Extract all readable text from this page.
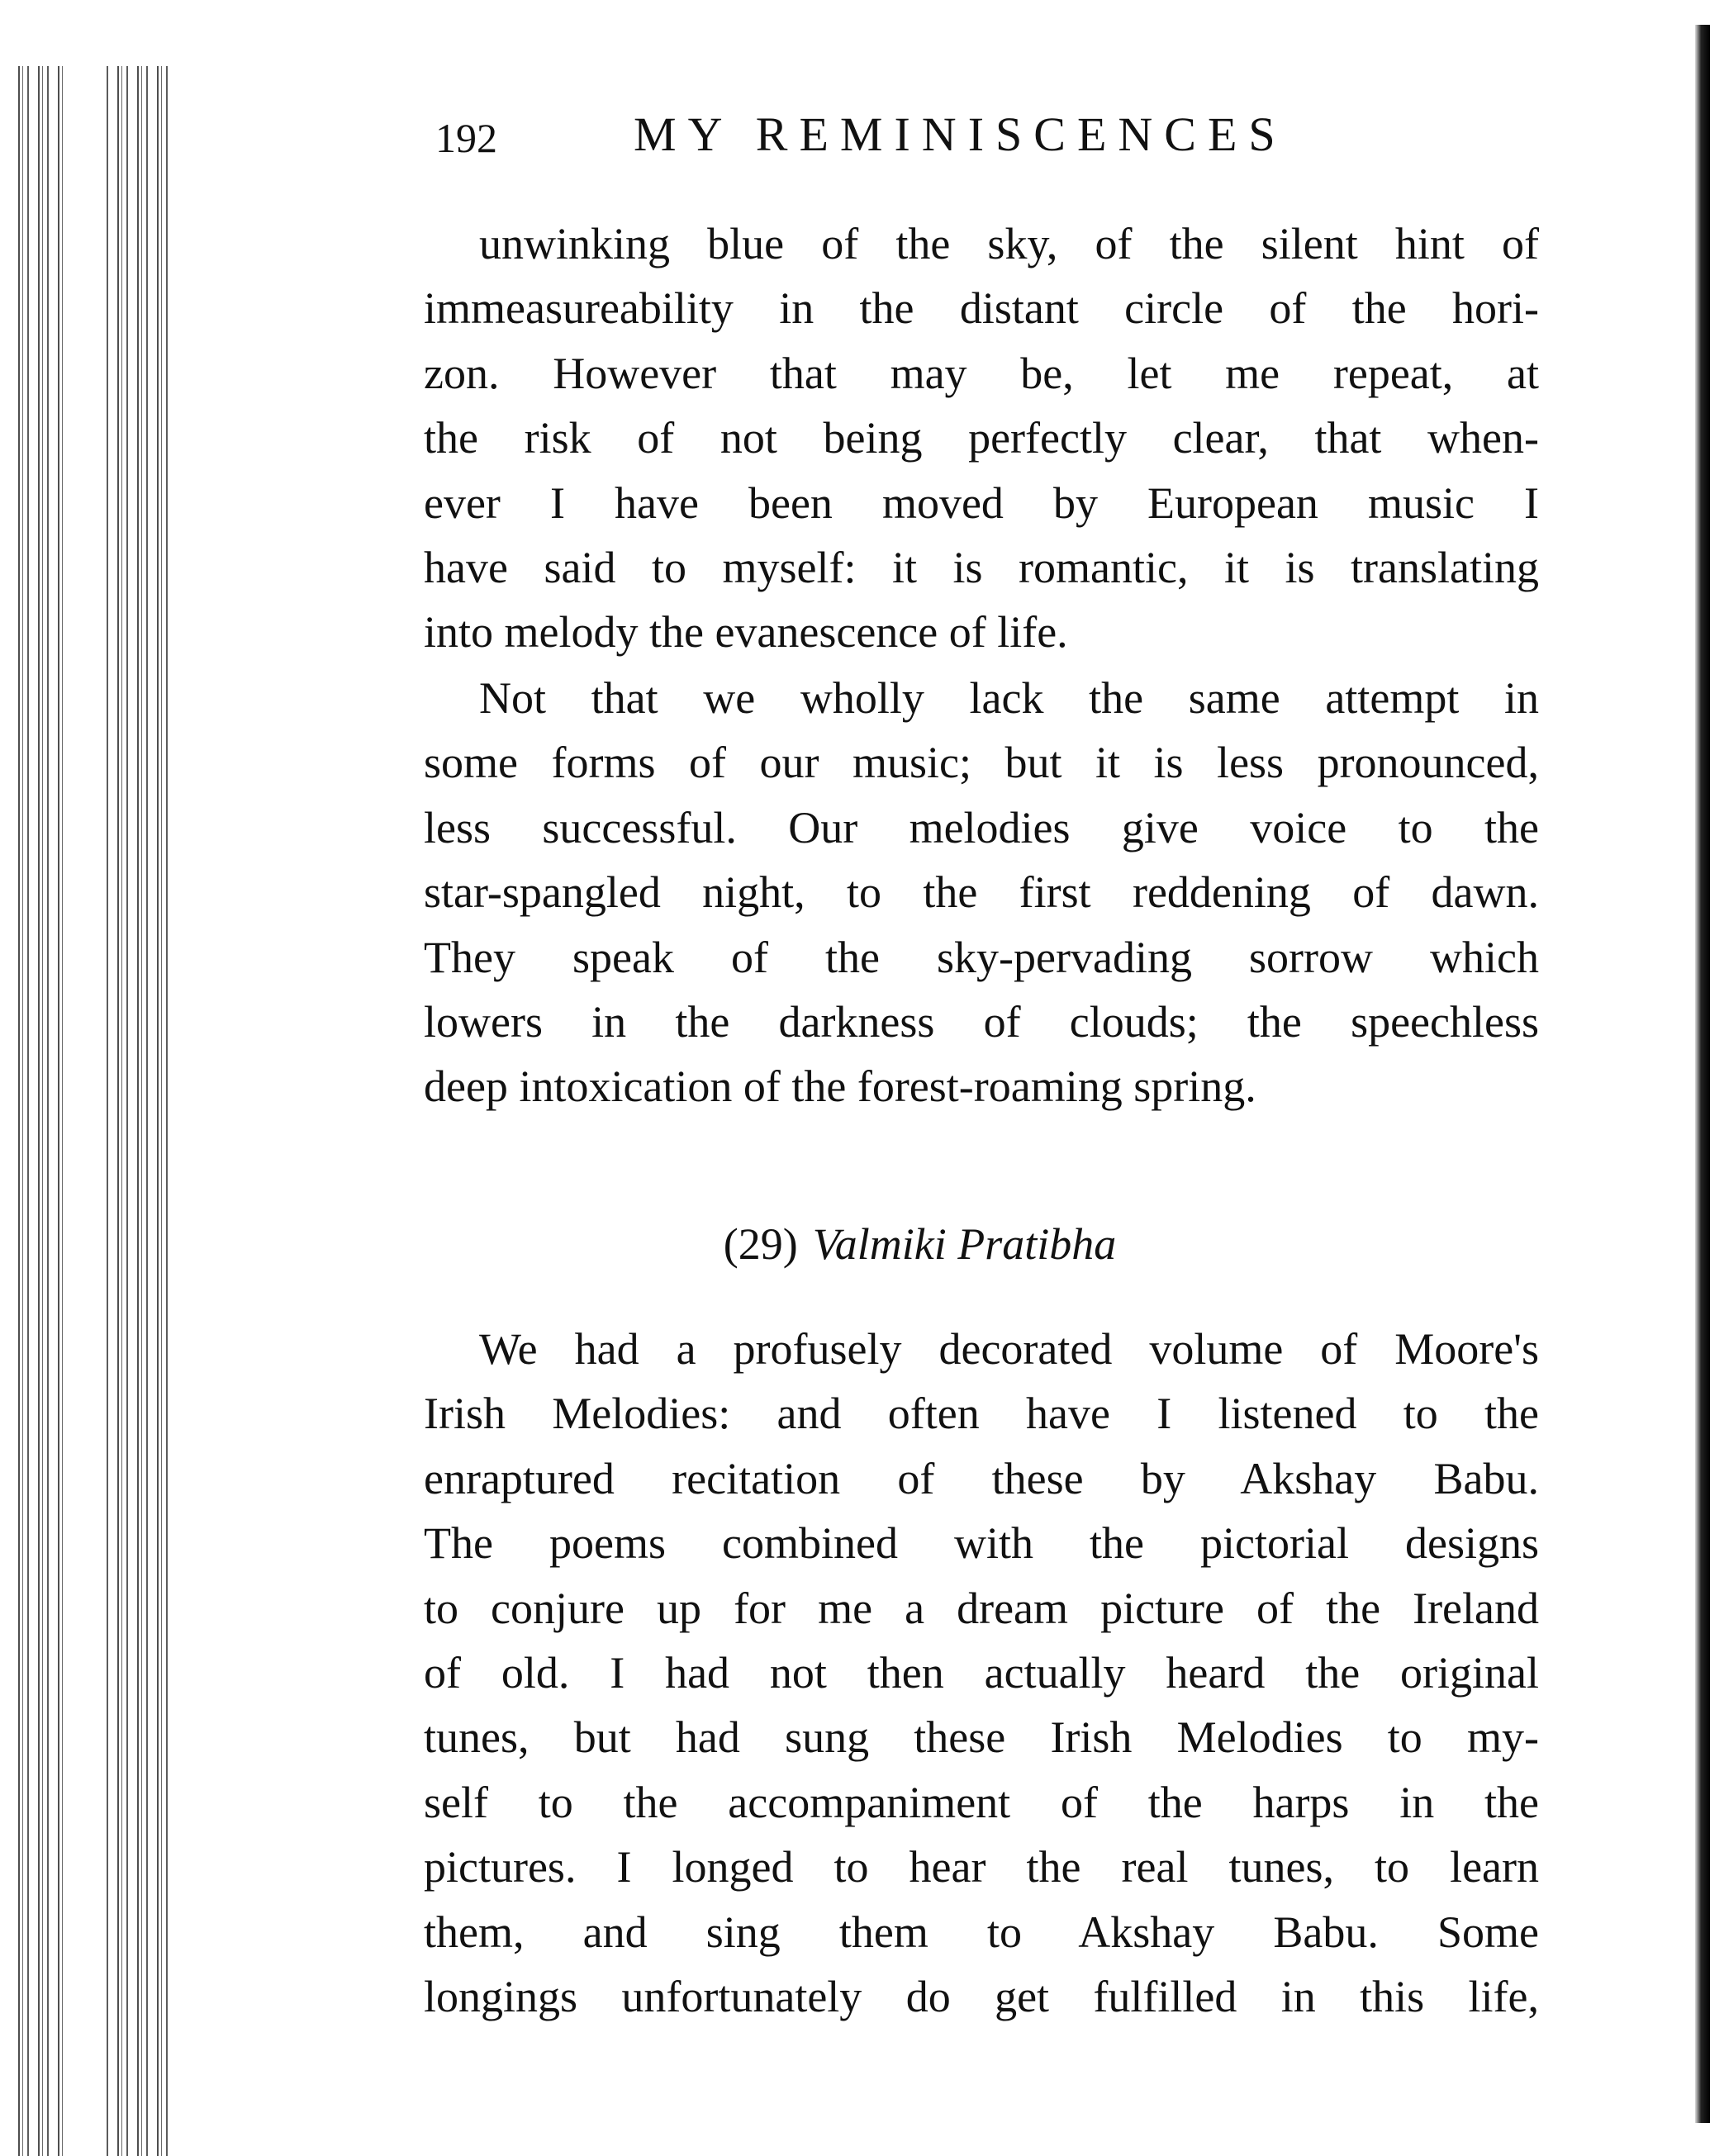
192	MY REMINISCENCES
unwinking blue of the sky, of the silent hint of
immeasureability in the distant circle of the hori-
zon. However that may be, let me repeat, at
the risk of not being perfectly clear, that when-
ever I have been moved by European music I
have said to myself: it is romantic, it is translating
into melody the evanescence of life.
Not that we wholly lack the same attempt in
some forms of our music; but it is less pronounced,
less successful. Our melodies give voice to the
star-spangled night, to the first reddening of dawn.
They speak of the sky-pervading sorrow which
lowers in the darkness of clouds; the speechless
deep intoxication of the forest-roaming spring.
(29) Valmiki Pratibha
We had a profusely decorated volume of Moore's
Irish Melodies: and often have I listened to the
enraptured recitation of these by Akshay Babu.
The poems combined with the pictorial designs
to conjure up for me a dream picture of the Ireland
of old. I had not then actually heard the original
tunes, but had sung these Irish Melodies to my-
self to the accompaniment of the harps in the
pictures. I longed to hear the real tunes, to learn
them, and sing them to Akshay Babu. Some
longings unfortunately do get fulfilled in this life,
